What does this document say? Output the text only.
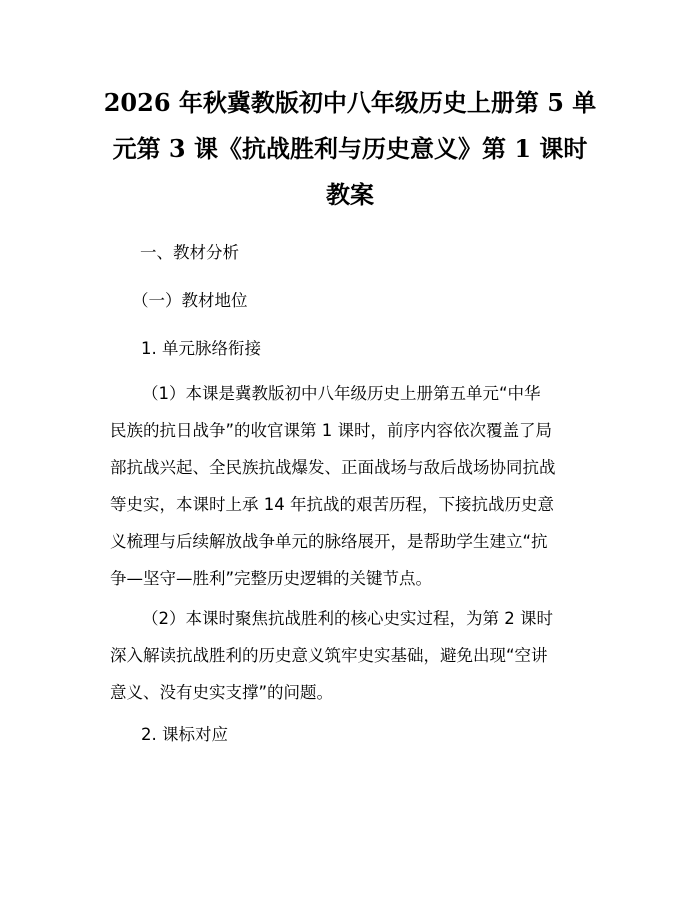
2026 年秋冀教版初中八年级历史上册第 5 单
元第 3 课《抗战胜利与历史意义》第 1 课时
教案

一、教材分析

（一）教材地位

1. 单元脉络衔接

（1）本课是冀教版初中八年级历史上册第五单元“中华
民族的抗日战争”的收官课第 1 课时，前序内容依次覆盖了局
部抗战兴起、全民族抗战爆发、正面战场与敌后战场协同抗战
等史实，本课时上承 14 年抗战的艰苦历程，下接抗战历史意
义梳理与后续解放战争单元的脉络展开，是帮助学生建立“抗
争—坚守—胜利”完整历史逻辑的关键节点。
（2）本课时聚焦抗战胜利的核心史实过程，为第 2 课时
深入解读抗战胜利的历史意义筑牢史实基础，避免出现“空讲
意义、没有史实支撑”的问题。

2. 课标对应
